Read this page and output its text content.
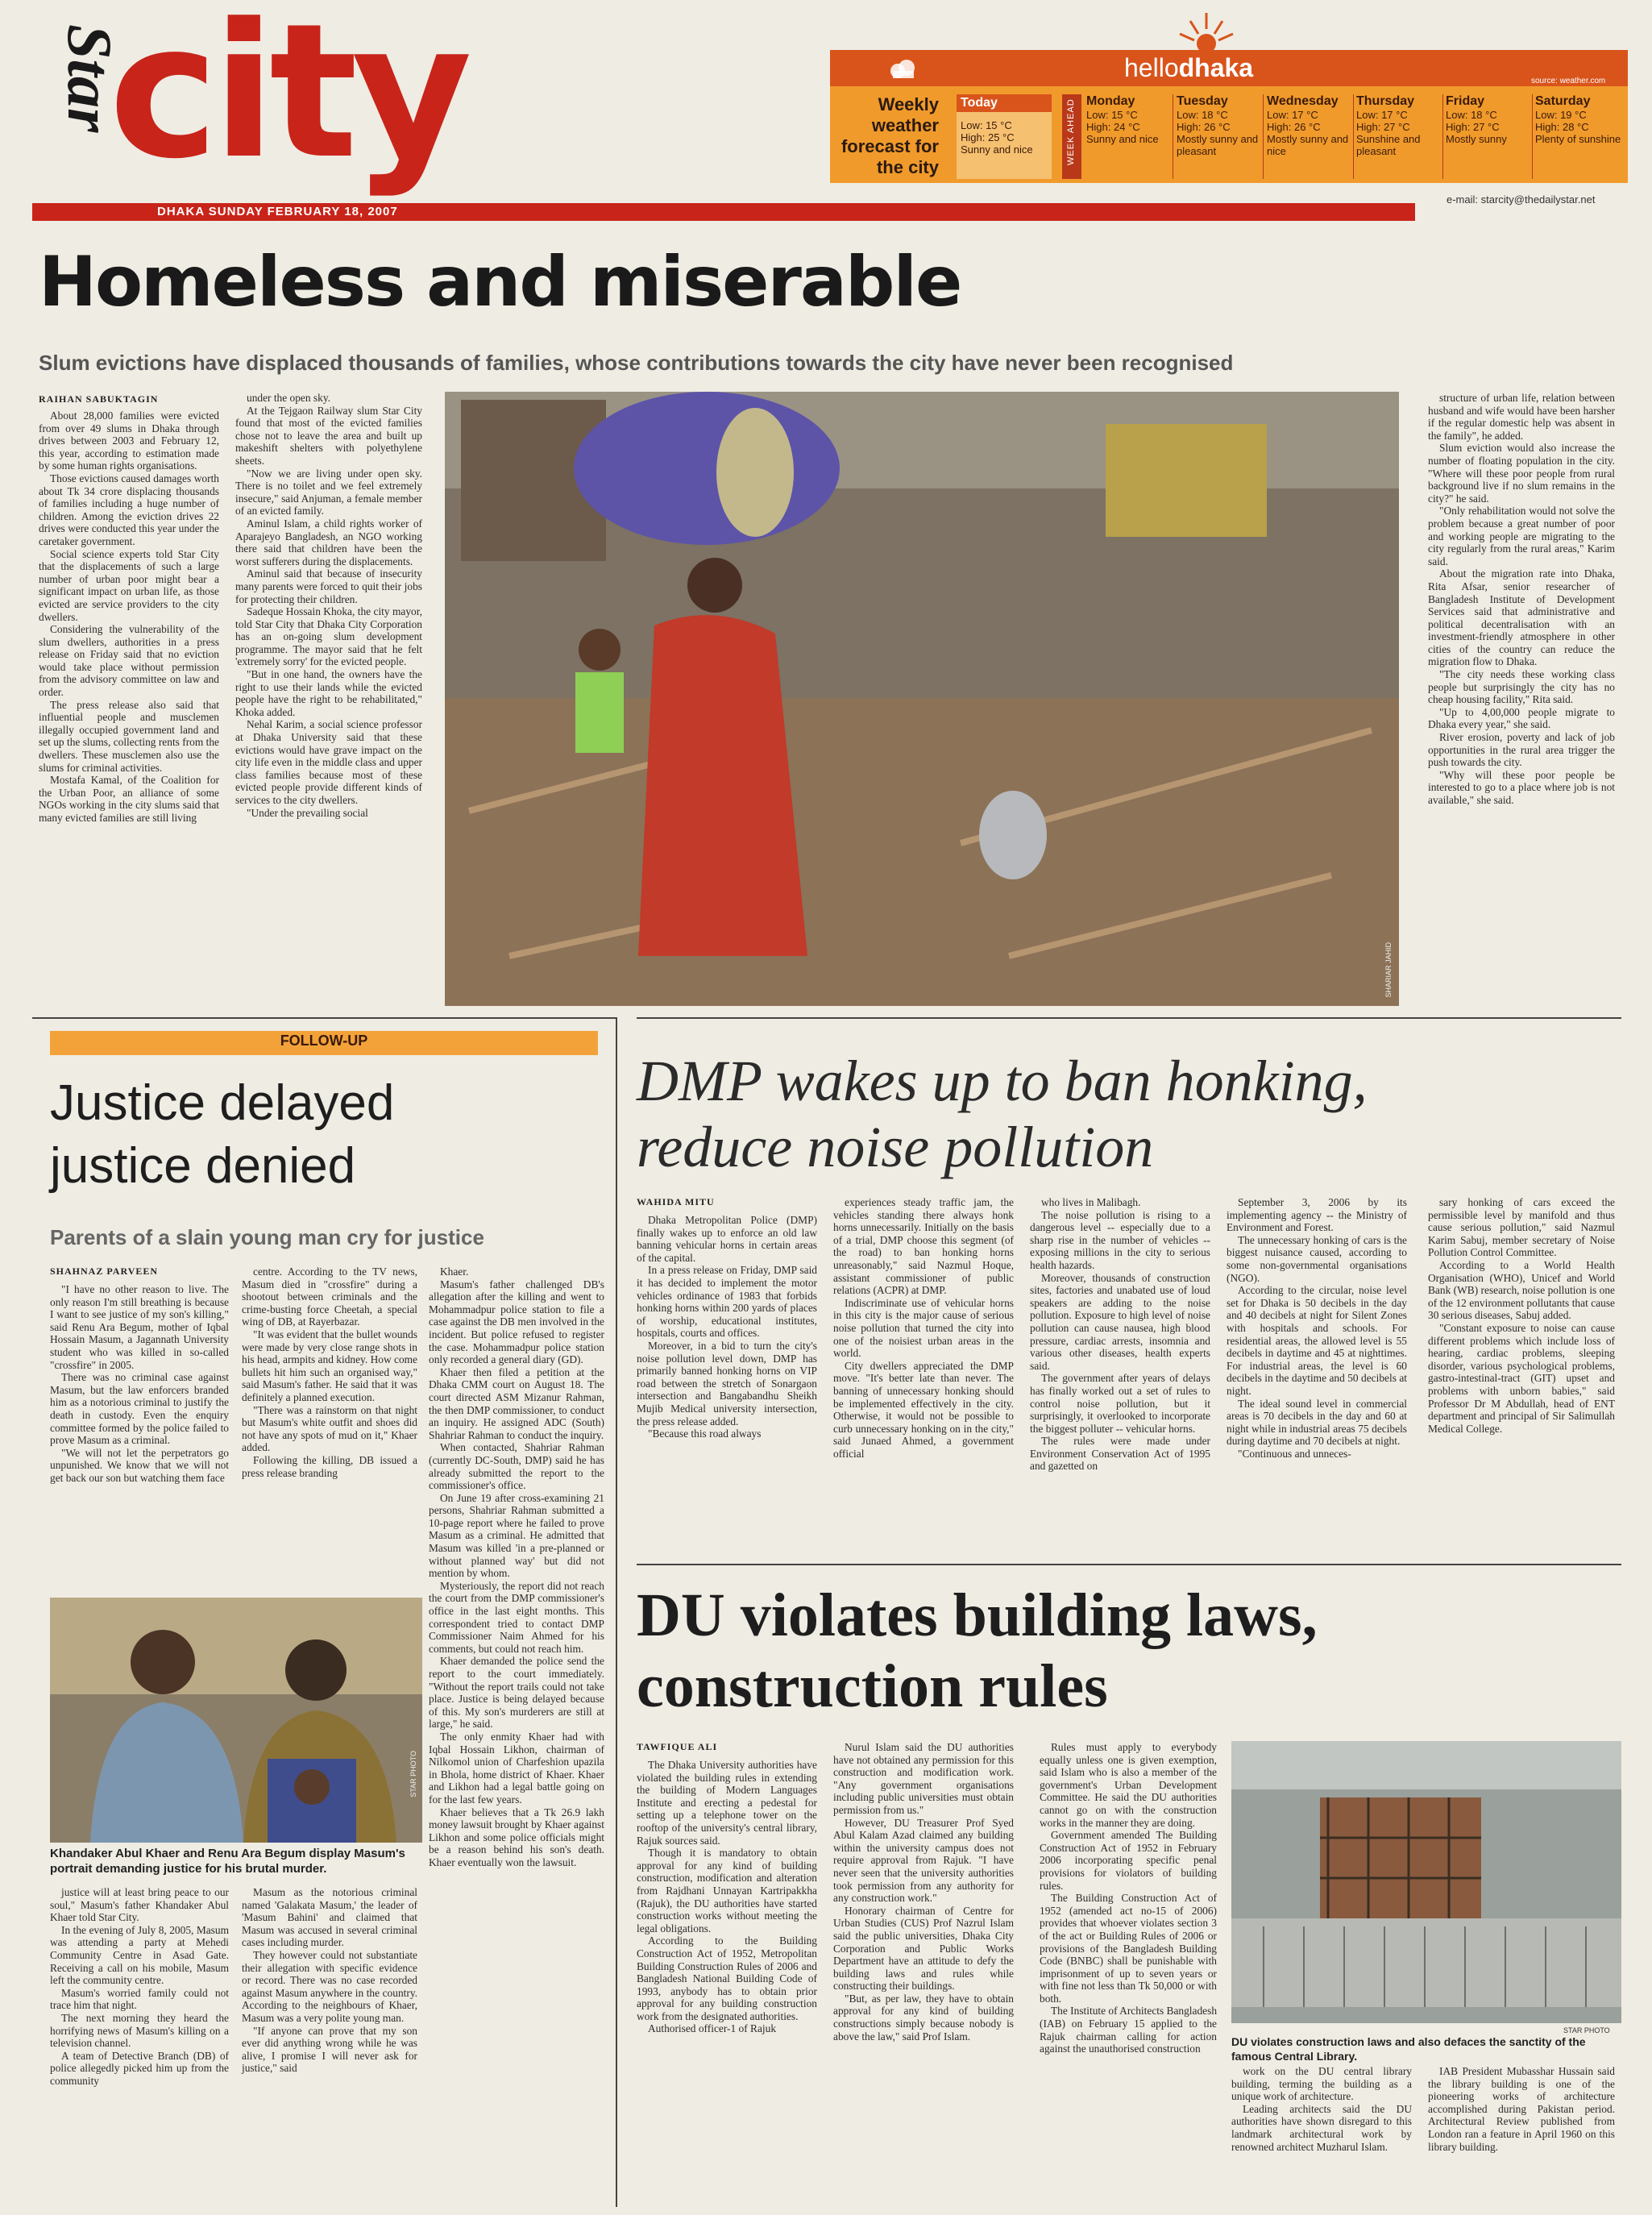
Star
city
DHAKA SUNDAY FEBRUARY 18, 2007
e-mail: starcity@thedailystar.net
hellodhaka	source: weather.com
Weekly weather forecast for the city
Today
Low: 15 °C
High: 25 °C
Sunny and nice	WEEK AHEAD Monday
Low: 15 °C
High: 24 °C
Sunny and nice
Tuesday
Low: 18 °C
High: 26 °C
Mostly sunny and pleasant
Wednesday
Low: 17 °C
High: 26 °C
Mostly sunny and nice
Thursday
Low: 17 °C
High: 27 °C
Sunshine and pleasant
Friday
Low: 18 °C
High: 27 °C
Mostly sunny
Saturday
Low: 19 °C
High: 28 °C
Plenty of sunshine
Homeless and miserable
Slum evictions have displaced thousands of families, whose contributions towards the city have never been recognised
RAIHAN SABUKTAGIN

About 28,000 families were evicted from over 49 slums in Dhaka through drives between 2003 and February 12, this year, according to estimation made by some human rights organisations.

Those evictions caused damages worth about Tk 34 crore displacing thousands of families including a huge number of children. Among the eviction drives 22 drives were conducted this year under the caretaker government.

Social science experts told Star City that the displacements of such a large number of urban poor might bear a significant impact on urban life, as those evicted are service providers to the city dwellers.

Considering the vulnerability of the slum dwellers, authorities in a press release on Friday said that no eviction would take place without permission from the advisory committee on law and order.

The press release also said that influential people and musclemen illegally occupied government land and set up the slums, collecting rents from the dwellers. These musclemen also use the slums for criminal activities.

Mostafa Kamal, of the Coalition for the Urban Poor, an alliance of some NGOs working in the city slums said that many evicted families are still living

under the open sky.

At the Tejgaon Railway slum Star City found that most of the evicted families chose not to leave the area and built up makeshift shelters with polyethylene sheets.

"Now we are living under open sky. There is no toilet and we feel extremely insecure," said Anjuman, a female member of an evicted family.

Aminul Islam, a child rights worker of Aparajeyo Bangladesh, an NGO working there said that children have been the worst sufferers during the displacements.

Aminul said that because of insecurity many parents were forced to quit their jobs for protecting their children.

Sadeque Hossain Khoka, the city mayor, told Star City that Dhaka City Corporation has an on-going slum development programme. The mayor said that he felt 'extremely sorry' for the evicted people.

"But in one hand, the owners have the right to use their lands while the evicted people have the right to be rehabilitated," Khoka added.

Nehal Karim, a social science professor at Dhaka University said that these evictions would have grave impact on the city life even in the middle class and upper class families because most of these evicted people provide different kinds of services to the city dwellers.

"Under the prevailing social

SHARIAR JAHID

structure of urban life, relation between husband and wife would have been harsher if the regular domestic help was absent in the family", he added.

Slum eviction would also increase the number of floating population in the city. "Where will these poor people from rural background live if no slum remains in the city?" he said.

"Only rehabilitation would not solve the problem because a great number of poor and working people are migrating to the city regularly from the rural areas," Karim said.

About the migration rate into Dhaka, Rita Afsar, senior researcher of Bangladesh Institute of Development Services said that administrative and political decentralisation with an investment-friendly atmosphere in other cities of the country can reduce the migration flow to Dhaka.

"The city needs these working class people but surprisingly the city has no cheap housing facility," Rita said.

"Up to 4,00,000 people migrate to Dhaka every year," she said.

River erosion, poverty and lack of job opportunities in the rural area trigger the push towards the city.

"Why will these poor people be interested to go to a place where job is not available," she said.

FOLLOW-UP
Justice delayed
justice denied
Parents of a slain young man cry for justice
SHAHNAZ PARVEEN

"I have no other reason to live. The only reason I'm still breathing is because I want to see justice of my son's killing," said Renu Ara Begum, mother of Iqbal Hossain Masum, a Jagannath University student who was killed in so-called "crossfire" in 2005.

There was no criminal case against Masum, but the law enforcers branded him as a notorious criminal to justify the death in custody. Even the enquiry committee formed by the police failed to prove Masum as a criminal.

"We will not let the perpetrators go unpunished. We know that we will not get back our son but watching them face

centre. According to the TV news, Masum died in "crossfire" during a shootout between criminals and the crime-busting force Cheetah, a special wing of DB, at Rayerbazar.

"It was evident that the bullet wounds were made by very close range shots in his head, armpits and kidney. How come bullets hit him such an organised way," said Masum's father. He said that it was definitely a planned execution.

"There was a rainstorm on that night but Masum's white outfit and shoes did not have any spots of mud on it," Khaer added.

Following the killing, DB issued a press release branding

Khaer.

Masum's father challenged DB's allegation after the killing and went to Mohammadpur police station to file a case against the DB men involved in the incident. But police refused to register the case. Mohammadpur police station only recorded a general diary (GD).

Khaer then filed a petition at the Dhaka CMM court on August 18. The court directed ASM Mizanur Rahman, the then DMP commissioner, to conduct an inquiry. He assigned ADC (South) Shahriar Rahman to conduct the inquiry.

When contacted, Shahriar Rahman (currently DC-South, DMP) said he has already submitted the report to the commissioner's office.

On June 19 after cross-examining 21 persons, Shahriar Rahman submitted a 10-page report where he failed to prove Masum as a criminal. He admitted that Masum was killed 'in a pre-planned or without planned way' but did not mention by whom.

Mysteriously, the report did not reach the court from the DMP commissioner's office in the last eight months. This correspondent tried to contact DMP Commissioner Naim Ahmed for his comments, but could not reach him.

Khaer demanded the police send the report to the court immediately. "Without the report trails could not take place. Justice is being delayed because of this. My son's murderers are still at large," he said.

The only enmity Khaer had with Iqbal Hossain Likhon, chairman of Nilkomol union of Charfeshion upazila in Bhola, home district of Khaer. Khaer and Likhon had a legal battle going on for the last few years.

Khaer believes that a Tk 26.9 lakh money lawsuit brought by Khaer against Likhon and some police officials might be a reason behind his son's death. Khaer eventually won the lawsuit.

STAR PHOTO
Khandaker Abul Khaer and Renu Ara Begum display Masum's portrait demanding justice for his brutal murder.

justice will at least bring peace to our soul," Masum's father Khandaker Abul Khaer told Star City.

In the evening of July 8, 2005, Masum was attending a party at Mehedi Community Centre in Asad Gate. Receiving a call on his mobile, Masum left the community centre.

Masum's worried family could not trace him that night.

The next morning they heard the horrifying news of Masum's killing on a television channel.

A team of Detective Branch (DB) of police allegedly picked him up from the community

Masum as the notorious criminal named 'Galakata Masum,' the leader of 'Masum Bahini' and claimed that Masum was accused in several criminal cases including murder.

They however could not substantiate their allegation with specific evidence or record. There was no case recorded against Masum anywhere in the country. According to the neighbours of Khaer, Masum was a very polite young man.

"If anyone can prove that my son ever did anything wrong while he was alive, I promise I will never ask for justice," said

DMP wakes up to ban honking,
reduce noise pollution
WAHIDA MITU

Dhaka Metropolitan Police (DMP) finally wakes up to enforce an old law banning vehicular horns in certain areas of the capital.

In a press release on Friday, DMP said it has decided to implement the motor vehicles ordinance of 1983 that forbids honking horns within 200 yards of places of worship, educational institutes, hospitals, courts and offices.

Moreover, in a bid to turn the city's noise pollution level down, DMP has primarily banned honking horns on VIP road between the stretch of Sonargaon intersection and Bangabandhu Sheikh Mujib Medical university intersection, the press release added.

"Because this road always

experiences steady traffic jam, the vehicles standing there always honk horns unnecessarily. Initially on the basis of a trial, DMP choose this segment (of the road) to ban honking horns unreasonably," said Nazmul Hoque, assistant commissioner of public relations (ACPR) at DMP.

Indiscriminate use of vehicular horns in this city is the major cause of serious noise pollution that turned the city into one of the noisiest urban areas in the world.

City dwellers appreciated the DMP move. "It's better late than never. The banning of unnecessary honking should be implemented effectively in the city. Otherwise, it would not be possible to curb unnecessary honking on in the city," said Junaed Ahmed, a government official

who lives in Malibagh.

The noise pollution is rising to a dangerous level -- especially due to a sharp rise in the number of vehicles -- exposing millions in the city to serious health hazards.

Moreover, thousands of construction sites, factories and unabated use of loud speakers are adding to the noise pollution. Exposure to high level of noise pollution can cause nausea, high blood pressure, cardiac arrests, insomnia and various other diseases, health experts said.

The government after years of delays has finally worked out a set of rules to control noise pollution, but it surprisingly, it overlooked to incorporate the biggest polluter -- vehicular horns.

The rules were made under Environment Conservation Act of 1995 and gazetted on

September 3, 2006 by its implementing agency -- the Ministry of Environment and Forest.

The unnecessary honking of cars is the biggest nuisance caused, according to some non-governmental organisations (NGO).

According to the circular, noise level set for Dhaka is 50 decibels in the day and 40 decibels at night for Silent Zones with hospitals and schools. For residential areas, the allowed level is 55 decibels in daytime and 45 at nighttimes. For industrial areas, the level is 60 decibels in the daytime and 50 decibels at night.

The ideal sound level in commercial areas is 70 decibels in the day and 60 at night while in industrial areas 75 decibels during daytime and 70 decibels at night.

"Continuous and unneces-

sary honking of cars exceed the permissible level by manifold and thus cause serious pollution," said Nazmul Karim Sabuj, member secretary of Noise Pollution Control Committee.

According to a World Health Organisation (WHO), Unicef and World Bank (WB) research, noise pollution is one of the 12 environment pollutants that cause 30 serious diseases, Sabuj added.

"Constant exposure to noise can cause different problems which include loss of hearing, cardiac problems, sleeping disorder, various psychological problems, gastro-intestinal-tract (GIT) upset and problems with unborn babies," said Professor Dr M Abdullah, head of ENT department and principal of Sir Salimullah Medical College.

DU violates building laws,
construction rules
TAWFIQUE ALI

The Dhaka University authorities have violated the building rules in extending the building of Modern Languages Institute and erecting a pedestal for setting up a telephone tower on the rooftop of the university's central library, Rajuk sources said.

Though it is mandatory to obtain approval for any kind of building construction, modification and alteration from Rajdhani Unnayan Kartripakkha (Rajuk), the DU authorities have started construction works without meeting the legal obligations.

According to the Building Construction Act of 1952, Metropolitan Building Construction Rules of 2006 and Bangladesh National Building Code of 1993, anybody has to obtain prior approval for any building construction work from the designated authorities.

Authorised officer-1 of Rajuk

Nurul Islam said the DU authorities have not obtained any permission for this construction and modification work. "Any government organisations including public universities must obtain permission from us."

However, DU Treasurer Prof Syed Abul Kalam Azad claimed any building within the university campus does not require approval from Rajuk. "I have never seen that the university authorities took permission from any authority for any construction work."

Honorary chairman of Centre for Urban Studies (CUS) Prof Nazrul Islam said the public universities, Dhaka City Corporation and Public Works Department have an attitude to defy the building laws and rules while constructing their buildings.

"But, as per law, they have to obtain approval for any kind of building constructions simply because nobody is above the law," said Prof Islam.

Rules must apply to everybody equally unless one is given exemption, said Islam who is also a member of the government's Urban Development Committee. He said the DU authorities cannot go on with the construction works in the manner they are doing.

Government amended The Building Construction Act of 1952 in February 2006 incorporating specific penal provisions for violators of building rules.

The Building Construction Act of 1952 (amended act no-15 of 2006) provides that whoever violates section 3 of the act or Building Rules of 2006 or provisions of the Bangladesh Building Code (BNBC) shall be punishable with imprisonment of up to seven years or with fine not less than Tk 50,000 or with both.

The Institute of Architects Bangladesh (IAB) on February 15 applied to the Rajuk chairman calling for action against the unauthorised construction

STAR PHOTO
DU violates construction laws and also defaces the sanctity of the famous Central Library.

work on the DU central library building, terming the building as a unique work of architecture.

Leading architects said the DU authorities have shown disregard to this landmark architectural work by renowned architect Muzharul Islam.

IAB President Mubasshar Hussain said the library building is one of the pioneering works of architecture accomplished during Pakistan period. Architectural Review published from London ran a feature in April 1960 on this library building.
